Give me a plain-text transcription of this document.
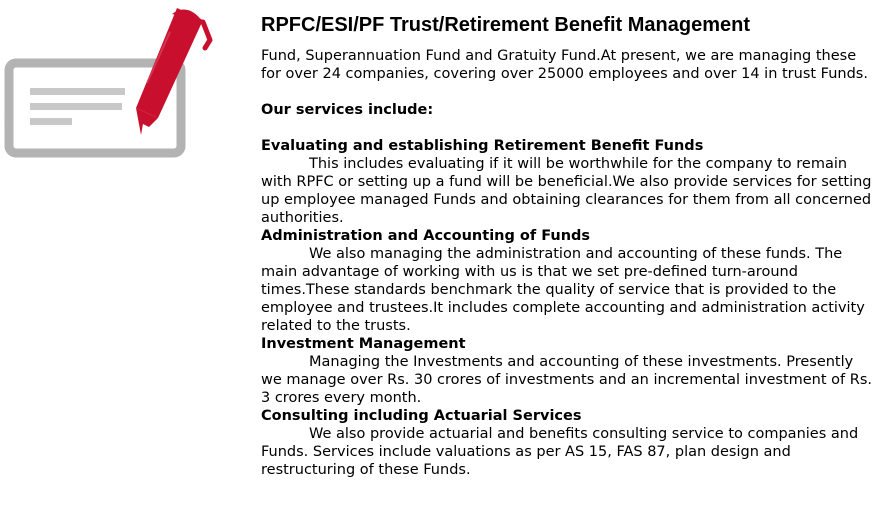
RPFC/ESI/PF Trust/Retirement Benefit Management

Fund, Superannuation Fund and Gratuity Fund.At present, we are managing these for over 24 companies, covering over 25000 employees and over 14 in trust Funds.

Our services include:

Evaluating and establishing Retirement Benefit Funds

This includes evaluating if it will be worthwhile for the company to remain with RPFC or setting up a fund will be beneficial.We also provide services for setting up employee managed Funds and obtaining clearances for them from all concerned authorities.

Administration and Accounting of Funds

We also managing the administration and accounting of these funds. The main advantage of working with us is that we set pre-defined turn-around times.These standards benchmark the quality of service that is provided to the employee and trustees.It includes complete accounting and administration activity related to the trusts.

Investment Management

Managing the Investments and accounting of these investments. Presently we manage over Rs. 30 crores of investments and an incremental investment of Rs. 3 crores every month.

Consulting including Actuarial Services

We also provide actuarial and benefits consulting service to companies and Funds. Services include valuations as per AS 15, FAS 87, plan design and restructuring of these Funds.
